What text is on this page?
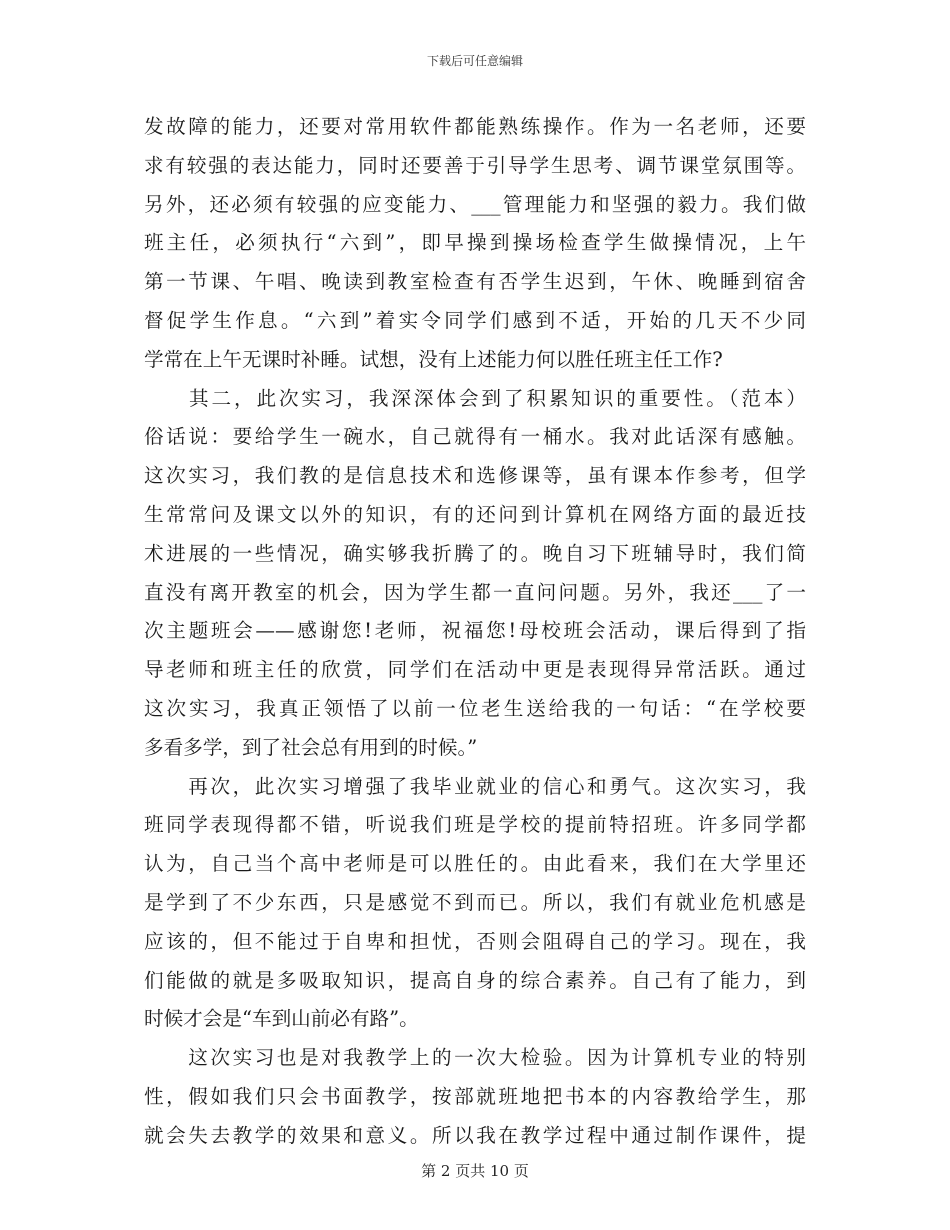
下载后可任意编辑
发故障的能力，还要对常用软件都能熟练操作。作为一名老师，还要
求有较强的表达能力，同时还要善于引导学生思考、调节课堂氛围等。
另外，还必须有较强的应变能力、___管理能力和坚强的毅力。我们做
班主任，必须执行“六到”，即早操到操场检查学生做操情况，上午
第一节课、午唱、晚读到教室检查有否学生迟到，午休、晚睡到宿舍
督促学生作息。“六到”着实令同学们感到不适，开始的几天不少同
学常在上午无课时补睡。试想，没有上述能力何以胜任班主任工作?
　　其二，此次实习，我深深体会到了积累知识的重要性。（范本）
俗话说：要给学生一碗水，自己就得有一桶水。我对此话深有感触。
这次实习，我们教的是信息技术和选修课等，虽有课本作参考，但学
生常常问及课文以外的知识，有的还问到计算机在网络方面的最近技
术进展的一些情况，确实够我折腾了的。晚自习下班辅导时，我们简
直没有离开教室的机会，因为学生都一直问问题。另外，我还___了一
次主题班会——感谢您!老师，祝福您!母校班会活动，课后得到了指
导老师和班主任的欣赏，同学们在活动中更是表现得异常活跃。通过
这次实习，我真正领悟了以前一位老生送给我的一句话：“在学校要
多看多学，到了社会总有用到的时候。”
　　再次，此次实习增强了我毕业就业的信心和勇气。这次实习，我
班同学表现得都不错，听说我们班是学校的提前特招班。许多同学都
认为，自己当个高中老师是可以胜任的。由此看来，我们在大学里还
是学到了不少东西，只是感觉不到而已。所以，我们有就业危机感是
应该的，但不能过于自卑和担忧，否则会阻碍自己的学习。现在，我
们能做的就是多吸取知识，提高自身的综合素养。自己有了能力，到
时候才会是“车到山前必有路”。
　　这次实习也是对我教学上的一次大检验。因为计算机专业的特别
性，假如我们只会书面教学，按部就班地把书本的内容教给学生，那
就会失去教学的效果和意义。所以我在教学过程中通过制作课件，提
第 2 页共 10 页
